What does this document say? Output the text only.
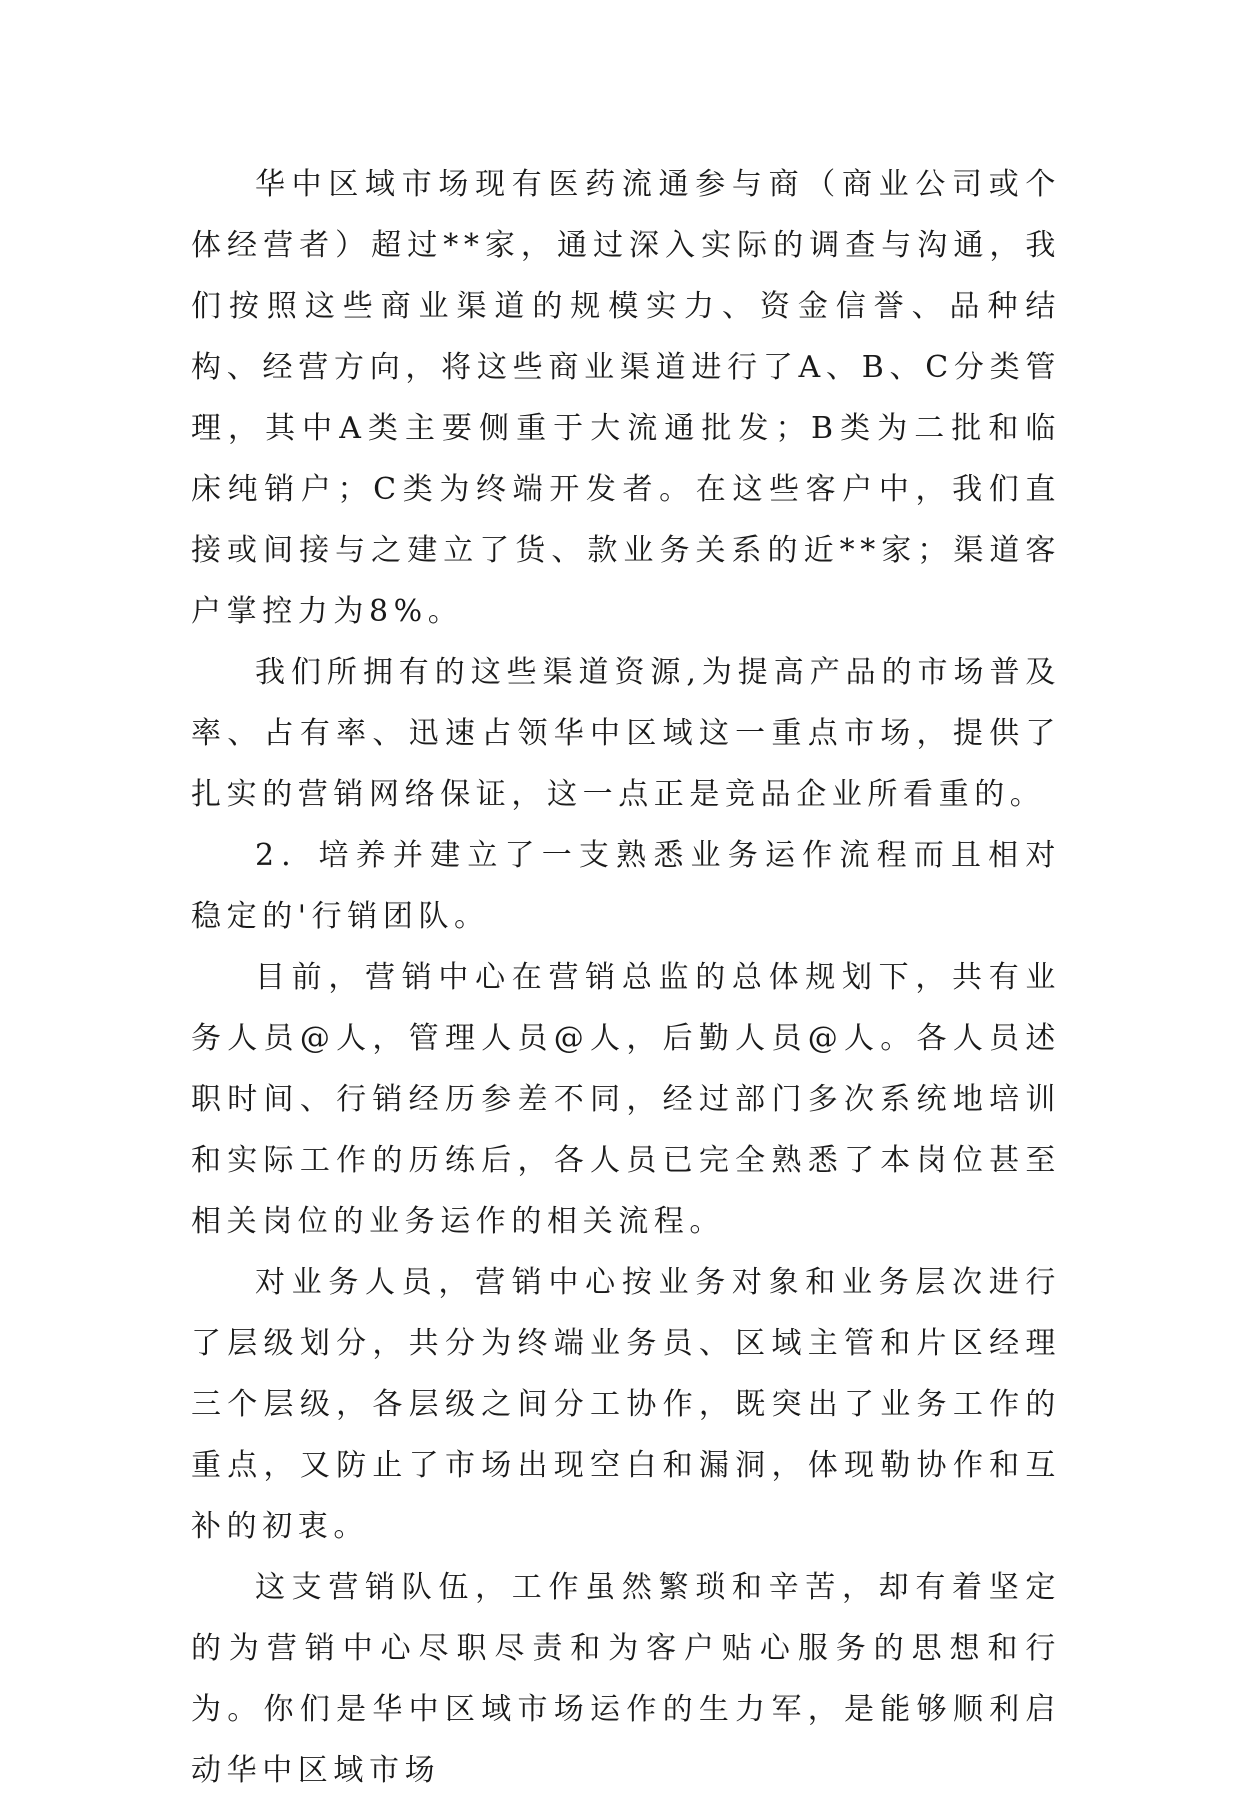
华中区域市场现有医药流通参与商（商业公司或个体经营者）超过**家，通过深入实际的调查与沟通，我们按照这些商业渠道的规模实力、资金信誉、品种结构、经营方向，将这些商业渠道进行了A、B、C分类管理，其中A类主要侧重于大流通批发；B类为二批和临床纯销户；C类为终端开发者。在这些客户中，我们直接或间接与之建立了货、款业务关系的近**家；渠道客户掌控力为8%。

我们所拥有的这些渠道资源,为提高产品的市场普及率、占有率、迅速占领华中区域这一重点市场，提供了扎实的营销网络保证，这一点正是竞品企业所看重的。

2．培养并建立了一支熟悉业务运作流程而且相对稳定的'行销团队。

目前，营销中心在营销总监的总体规划下，共有业务人员@人，管理人员@人，后勤人员@人。各人员述职时间、行销经历参差不同，经过部门多次系统地培训和实际工作的历练后，各人员已完全熟悉了本岗位甚至相关岗位的业务运作的相关流程。

对业务人员，营销中心按业务对象和业务层次进行了层级划分，共分为终端业务员、区域主管和片区经理三个层级，各层级之间分工协作，既突出了业务工作的重点，又防止了市场出现空白和漏洞，体现勒协作和互补的初衷。

这支营销队伍，工作虽然繁琐和辛苦，却有着坚定的为营销中心尽职尽责和为客户贴心服务的思想和行为。你们是华中区域市场运作的生力军，是能够顺利启动华中区域市场
